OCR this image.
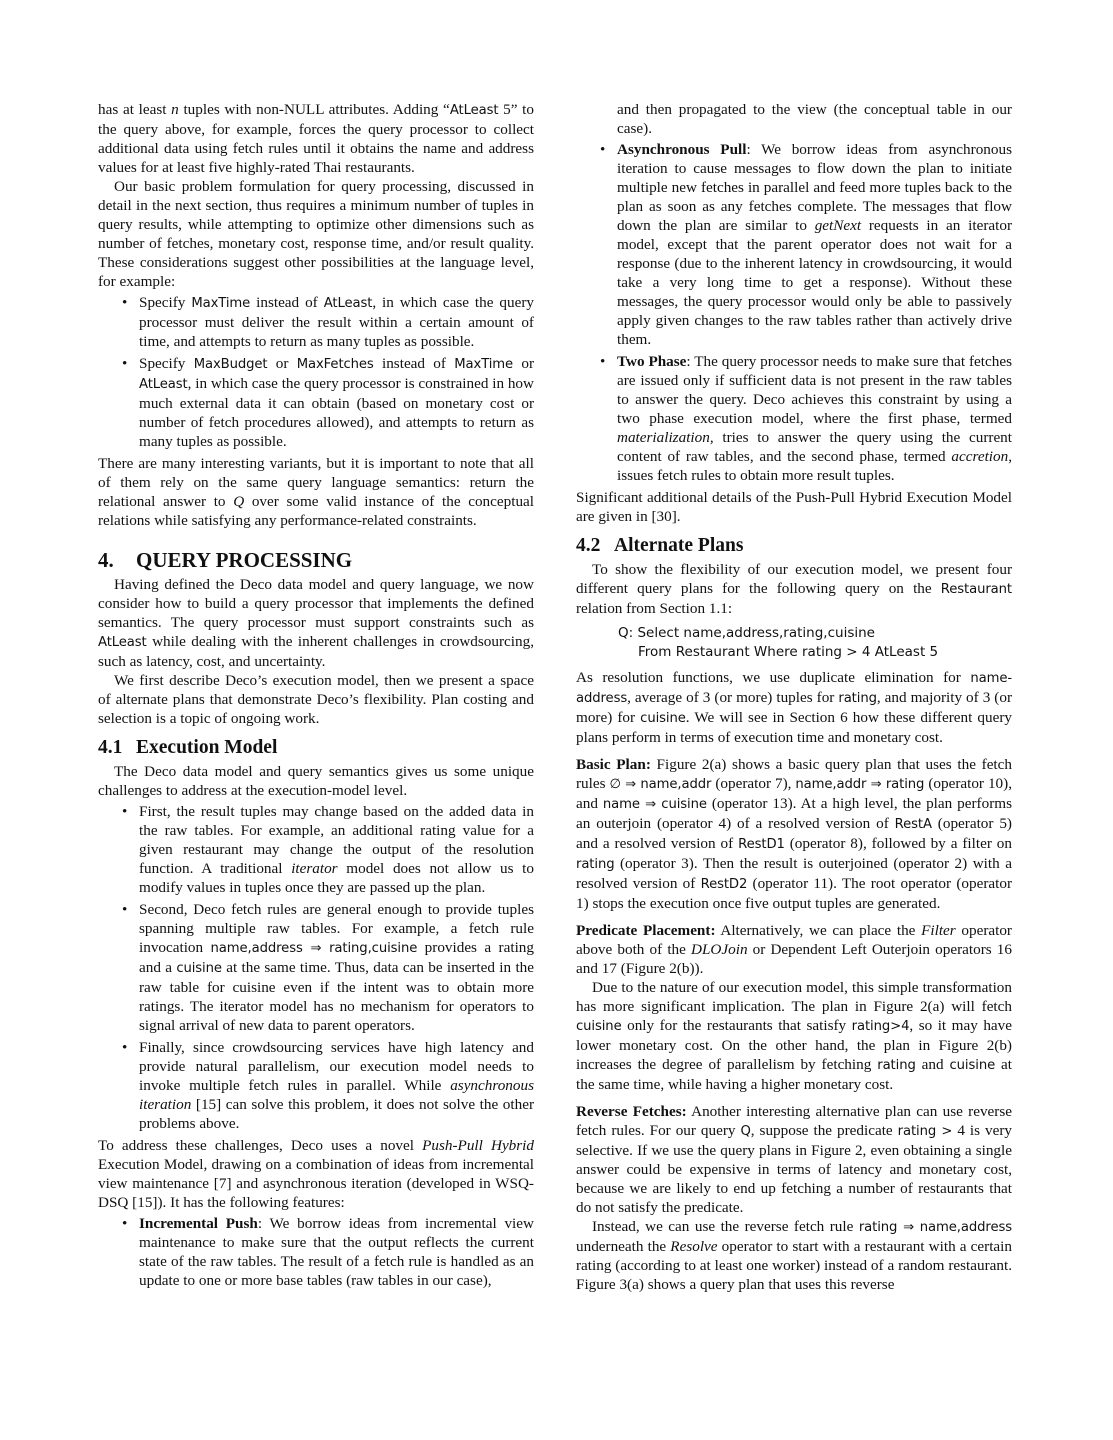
has at least n tuples with non-NULL attributes. Adding “AtLeast 5” to the query above, for example, forces the query processor to collect additional data using fetch rules until it obtains the name and address values for at least five highly-rated Thai restaurants.

Our basic problem formulation for query processing, discussed in detail in the next section, thus requires a minimum number of tuples in query results, while attempting to optimize other dimensions such as number of fetches, monetary cost, response time, and/or result quality. These considerations suggest other possibilities at the language level, for example:

• Specify MaxTime instead of AtLeast, in which case the query processor must deliver the result within a certain amount of time, and attempts to return as many tuples as possible.
• Specify MaxBudget or MaxFetches instead of MaxTime or AtLeast, in which case the query processor is constrained in how much external data it can obtain (based on monetary cost or number of fetch procedures allowed), and attempts to return as many tuples as possible.

There are many interesting variants, but it is important to note that all of them rely on the same query language semantics: return the relational answer to Q over some valid instance of the conceptual relations while satisfying any performance-related constraints.

4. QUERY PROCESSING

Having defined the Deco data model and query language, we now consider how to build a query processor that implements the defined semantics. The query processor must support constraints such as AtLeast while dealing with the inherent challenges in crowdsourcing, such as latency, cost, and uncertainty.

We first describe Deco’s execution model, then we present a space of alternate plans that demonstrate Deco’s flexibility. Plan costing and selection is a topic of ongoing work.

4.1 Execution Model

The Deco data model and query semantics gives us some unique challenges to address at the execution-model level.

• First, the result tuples may change based on the added data in the raw tables. For example, an additional rating value for a given restaurant may change the output of the resolution function. A traditional iterator model does not allow us to modify values in tuples once they are passed up the plan.
• Second, Deco fetch rules are general enough to provide tuples spanning multiple raw tables. For example, a fetch rule invocation name,address ⇒ rating,cuisine provides a rating and a cuisine at the same time. Thus, data can be inserted in the raw table for cuisine even if the intent was to obtain more ratings. The iterator model has no mechanism for operators to signal arrival of new data to parent operators.
• Finally, since crowdsourcing services have high latency and provide natural parallelism, our execution model needs to invoke multiple fetch rules in parallel. While asynchronous iteration [15] can solve this problem, it does not solve the other problems above.

To address these challenges, Deco uses a novel Push-Pull Hybrid Execution Model, drawing on a combination of ideas from incremental view maintenance [7] and asynchronous iteration (developed in WSQ-DSQ [15]). It has the following features:

• Incremental Push: We borrow ideas from incremental view maintenance to make sure that the output reflects the current state of the raw tables. The result of a fetch rule is handled as an update to one or more base tables (raw tables in our case),

and then propagated to the view (the conceptual table in our case).

• Asynchronous Pull: We borrow ideas from asynchronous iteration to cause messages to flow down the plan to initiate multiple new fetches in parallel and feed more tuples back to the plan as soon as any fetches complete. The messages that flow down the plan are similar to getNext requests in an iterator model, except that the parent operator does not wait for a response (due to the inherent latency in crowdsourcing, it would take a very long time to get a response). Without these messages, the query processor would only be able to passively apply given changes to the raw tables rather than actively drive them.
• Two Phase: The query processor needs to make sure that fetches are issued only if sufficient data is not present in the raw tables to answer the query. Deco achieves this constraint by using a two phase execution model, where the first phase, termed materialization, tries to answer the query using the current content of raw tables, and the second phase, termed accretion, issues fetch rules to obtain more result tuples.

Significant additional details of the Push-Pull Hybrid Execution Model are given in [30].

4.2 Alternate Plans

To show the flexibility of our execution model, we present four different query plans for the following query on the Restaurant relation from Section 1.1:

Q: Select name,address,rating,cuisine
From Restaurant Where rating > 4 AtLeast 5

As resolution functions, we use duplicate elimination for name-address, average of 3 (or more) tuples for rating, and majority of 3 (or more) for cuisine. We will see in Section 6 how these different query plans perform in terms of execution time and monetary cost.

Basic Plan: Figure 2(a) shows a basic query plan that uses the fetch rules ∅ ⇒ name,addr (operator 7), name,addr ⇒ rating (operator 10), and name ⇒ cuisine (operator 13). At a high level, the plan performs an outerjoin (operator 4) of a resolved version of RestA (operator 5) and a resolved version of RestD1 (operator 8), followed by a filter on rating (operator 3). Then the result is outerjoined (operator 2) with a resolved version of RestD2 (operator 11). The root operator (operator 1) stops the execution once five output tuples are generated.

Predicate Placement: Alternatively, we can place the Filter operator above both of the DLOJoin or Dependent Left Outerjoin operators 16 and 17 (Figure 2(b)).

Due to the nature of our execution model, this simple transformation has more significant implication. The plan in Figure 2(a) will fetch cuisine only for the restaurants that satisfy rating>4, so it may have lower monetary cost. On the other hand, the plan in Figure 2(b) increases the degree of parallelism by fetching rating and cuisine at the same time, while having a higher monetary cost.

Reverse Fetches: Another interesting alternative plan can use reverse fetch rules. For our query Q, suppose the predicate rating > 4 is very selective. If we use the query plans in Figure 2, even obtaining a single answer could be expensive in terms of latency and monetary cost, because we are likely to end up fetching a number of restaurants that do not satisfy the predicate.

Instead, we can use the reverse fetch rule rating ⇒ name,address underneath the Resolve operator to start with a restaurant with a certain rating (according to at least one worker) instead of a random restaurant. Figure 3(a) shows a query plan that uses this reverse
